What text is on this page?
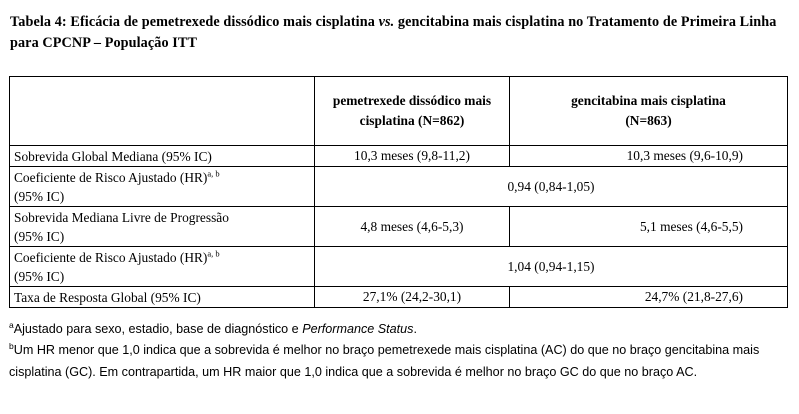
Tabela 4: Eficácia de pemetrexede dissódico mais cisplatina vs. gencitabina mais cisplatina no Tratamento de Primeira Linha para CPCNP – População ITT

	pemetrexede dissódico mais cisplatina (N=862)	gencitabina mais cisplatina (N=863)

Sobrevida Global Mediana (95% IC)	10,3 meses (9,8-11,2)	10,3 meses (9,6-10,9)
Coeficiente de Risco Ajustado (HR)$^{a, b}$
(95% IC)	0,94 (0,84-1,05)	
Sobrevida Mediana Livre de Progressão
(95% IC)	4,8 meses (4,6-5,3)	5,1 meses (4,6-5,5)
Coeficiente de Risco Ajustado (HR)$^{a, b}$
(95% IC)	1,04 (0,94-1,15)	
Taxa de Resposta Global (95% IC)	27,1% (24,2-30,1)	24,7% (21,8-27,6)

$^a$Ajustado para sexo, estadio, base de diagnóstico e Performance Status.

$^b$Um HR menor que 1,0 indica que a sobrevida é melhor no braço pemetrexede mais cisplatina (AC) do que no braço gencitabina mais cisplatina (GC). Em contrapartida, um HR maior que 1,0 indica que a sobrevida é melhor no braço GC do que no braço AC.
